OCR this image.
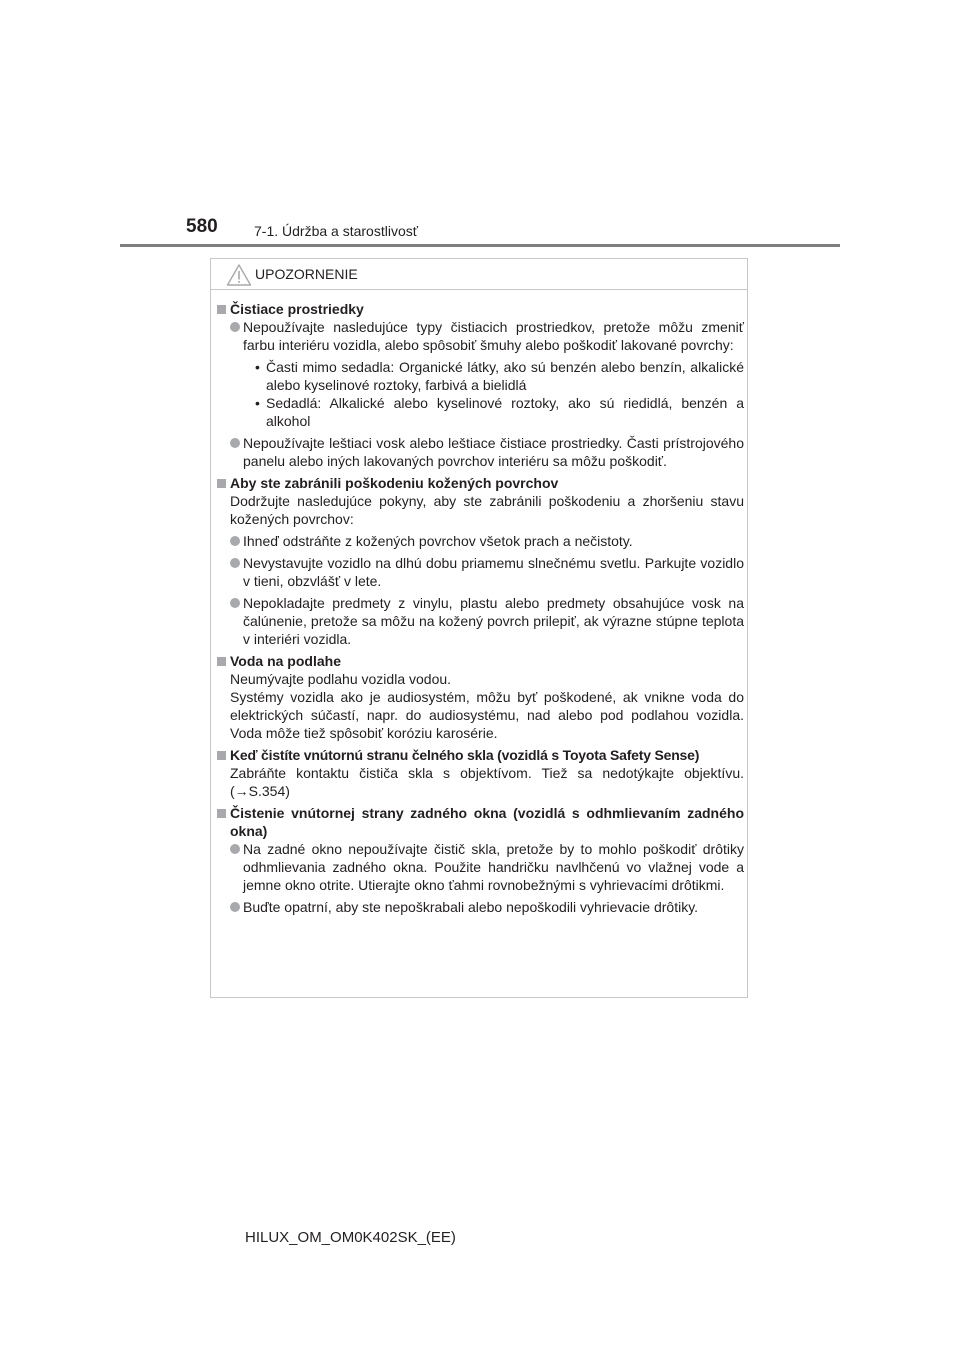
580	7-1. Údržba a starostlivosť
UPOZORNENIE
Čistiace prostriedky
Nepoužívajte nasledujúce typy čistiacich prostriedkov, pretože môžu zmeniť farbu interiéru vozidla, alebo spôsobiť šmuhy alebo poškodiť lakované povrchy:
• Časti mimo sedadla: Organické látky, ako sú benzén alebo benzín, alkalické alebo kyselinové roztoky, farbivá a bielidlá
• Sedadlá: Alkalické alebo kyselinové roztoky, ako sú riedidlá, benzén a alkohol
Nepoužívajte leštiaci vosk alebo leštiace čistiace prostriedky. Časti prístrojového panelu alebo iných lakovaných povrchov interiéru sa môžu poškodiť.
Aby ste zabránili poškodeniu kožených povrchov
Dodržujte nasledujúce pokyny, aby ste zabránili poškodeniu a zhoršeniu stavu kožených povrchov:
Ihneď odstráňte z kožených povrchov všetok prach a nečistoty.
Nevystavujte vozidlo na dlhú dobu priamemu slnečnému svetlu. Parkujte vozidlo v tieni, obzvlášť v lete.
Nepokladajte predmety z vinylu, plastu alebo predmety obsahujúce vosk na čalúnenie, pretože sa môžu na kožený povrch prilepiť, ak výrazne stúpne teplota v interiéri vozidla.
Voda na podlahe
Neumývajte podlahu vozidla vodou.
Systémy vozidla ako je audiosystém, môžu byť poškodené, ak vnikne voda do elektrických súčastí, napr. do audiosystému, nad alebo pod podlahou vozidla. Voda môže tiež spôsobiť koróziu karosérie.
Keď čistíte vnútornú stranu čelného skla (vozidlá s Toyota Safety Sense)
Zabráňte kontaktu čističa skla s objektívom. Tiež sa nedotýkajte objektívu. (→S.354)
Čistenie vnútornej strany zadného okna (vozidlá s odhmlievaním zadného okna)
Na zadné okno nepoužívajte čistič skla, pretože by to mohlo poškodiť drôtiky odhmlievania zadného okna. Použite handričku navlhčenú vo vlažnej vode a jemne okno otrite. Utierajte okno ťahmi rovnobežnými s vyhrievacími drôtikmi.
Buďte opatrní, aby ste nepoškrabali alebo nepoškodili vyhrievacie drôtiky.
HILUX_OM_OM0K402SK_(EE)
